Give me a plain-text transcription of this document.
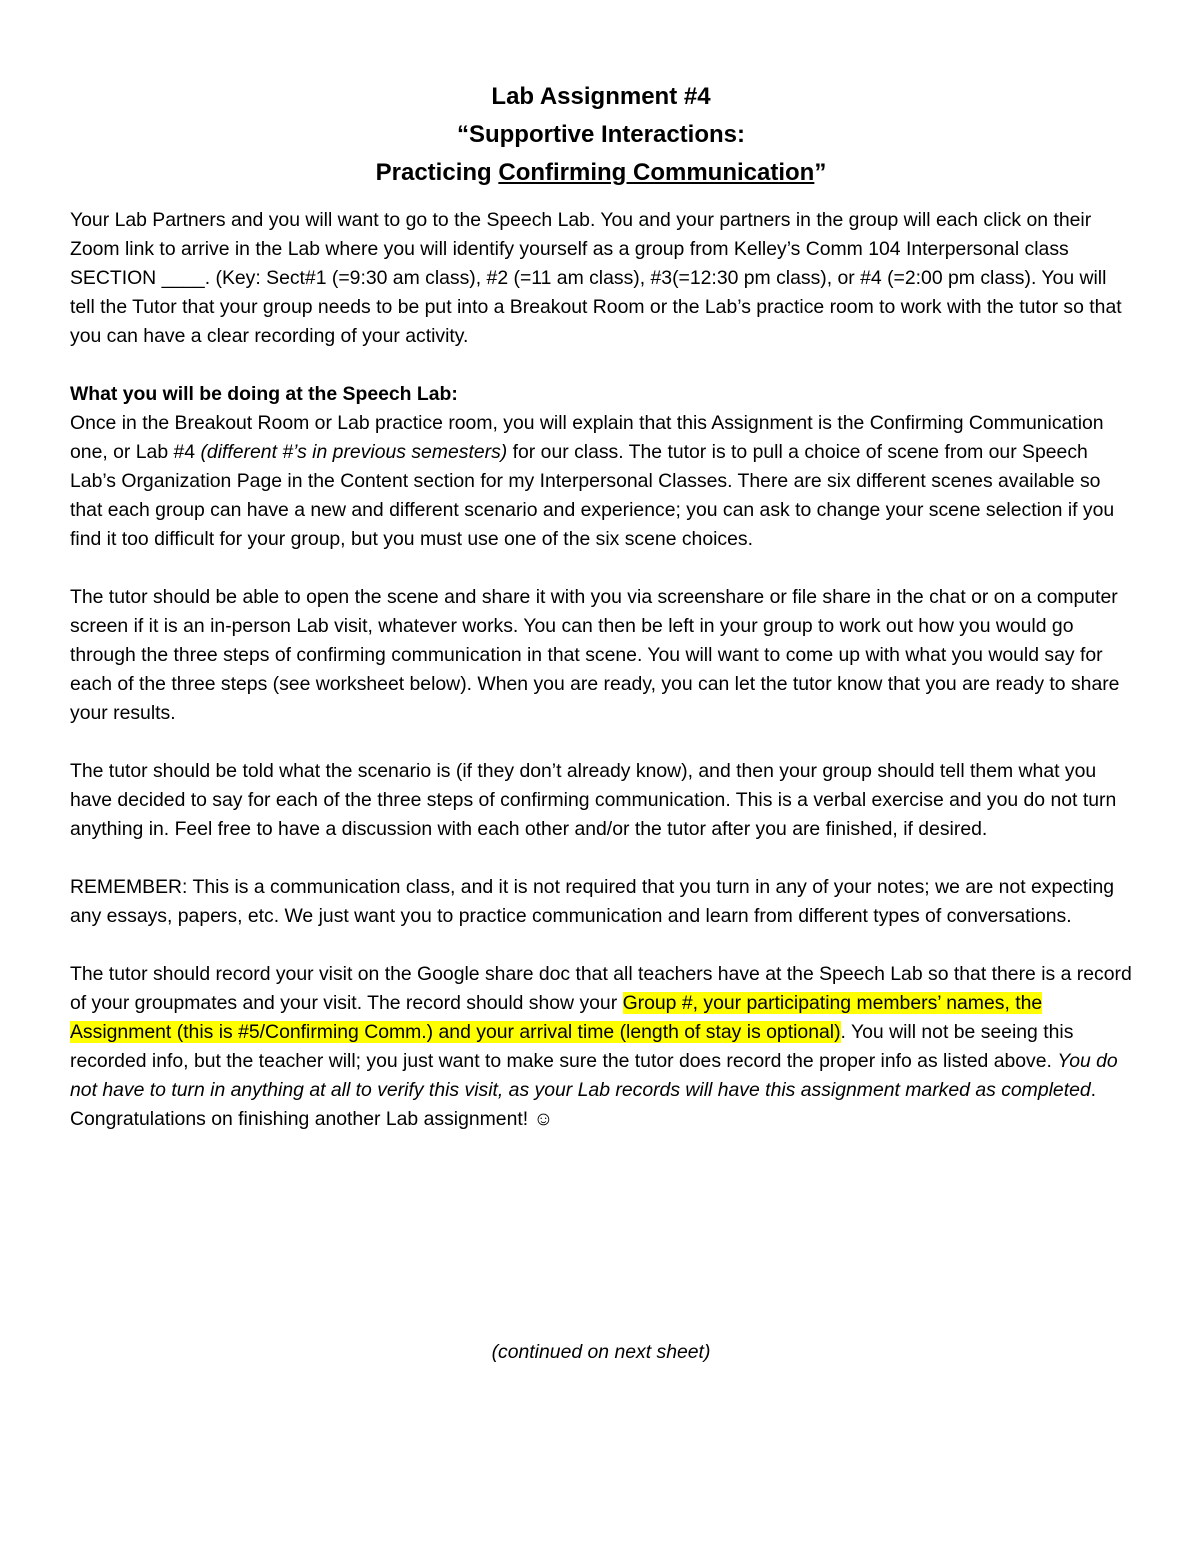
Lab Assignment #4
“Supportive Interactions:
Practicing Confirming Communication”

Your Lab Partners and you will want to go to the Speech Lab. You and your partners in the group will each click on their Zoom link to arrive in the Lab where you will identify yourself as a group from Kelley’s Comm 104 Interpersonal class SECTION ____. (Key: Sect#1 (=9:30 am class), #2 (=11 am class), #3(=12:30 pm class), or #4 (=2:00 pm class). You will tell the Tutor that your group needs to be put into a Breakout Room or the Lab’s practice room to work with the tutor so that you can have a clear recording of your activity.

What you will be doing at the Speech Lab:
Once in the Breakout Room or Lab practice room, you will explain that this Assignment is the Confirming Communication one, or Lab #4 (different #’s in previous semesters) for our class. The tutor is to pull a choice of scene from our Speech Lab’s Organization Page in the Content section for my Interpersonal Classes. There are six different scenes available so that each group can have a new and different scenario and experience; you can ask to change your scene selection if you find it too difficult for your group, but you must use one of the six scene choices.

The tutor should be able to open the scene and share it with you via screenshare or file share in the chat or on a computer screen if it is an in-person Lab visit, whatever works. You can then be left in your group to work out how you would go through the three steps of confirming communication in that scene. You will want to come up with what you would say for each of the three steps (see worksheet below). When you are ready, you can let the tutor know that you are ready to share your results.

The tutor should be told what the scenario is (if they don’t already know), and then your group should tell them what you have decided to say for each of the three steps of confirming communication. This is a verbal exercise and you do not turn anything in. Feel free to have a discussion with each other and/or the tutor after you are finished, if desired.

REMEMBER: This is a communication class, and it is not required that you turn in any of your notes; we are not expecting any essays, papers, etc. We just want you to practice communication and learn from different types of conversations.

The tutor should record your visit on the Google share doc that all teachers have at the Speech Lab so that there is a record of your groupmates and your visit. The record should show your Group #, your participating members’ names, the Assignment (this is #5/Confirming Comm.) and your arrival time (length of stay is optional). You will not be seeing this recorded info, but the teacher will; you just want to make sure the tutor does record the proper info as listed above. You do not have to turn in anything at all to verify this visit, as your Lab records will have this assignment marked as completed. Congratulations on finishing another Lab assignment! ☺

(continued on next sheet)
